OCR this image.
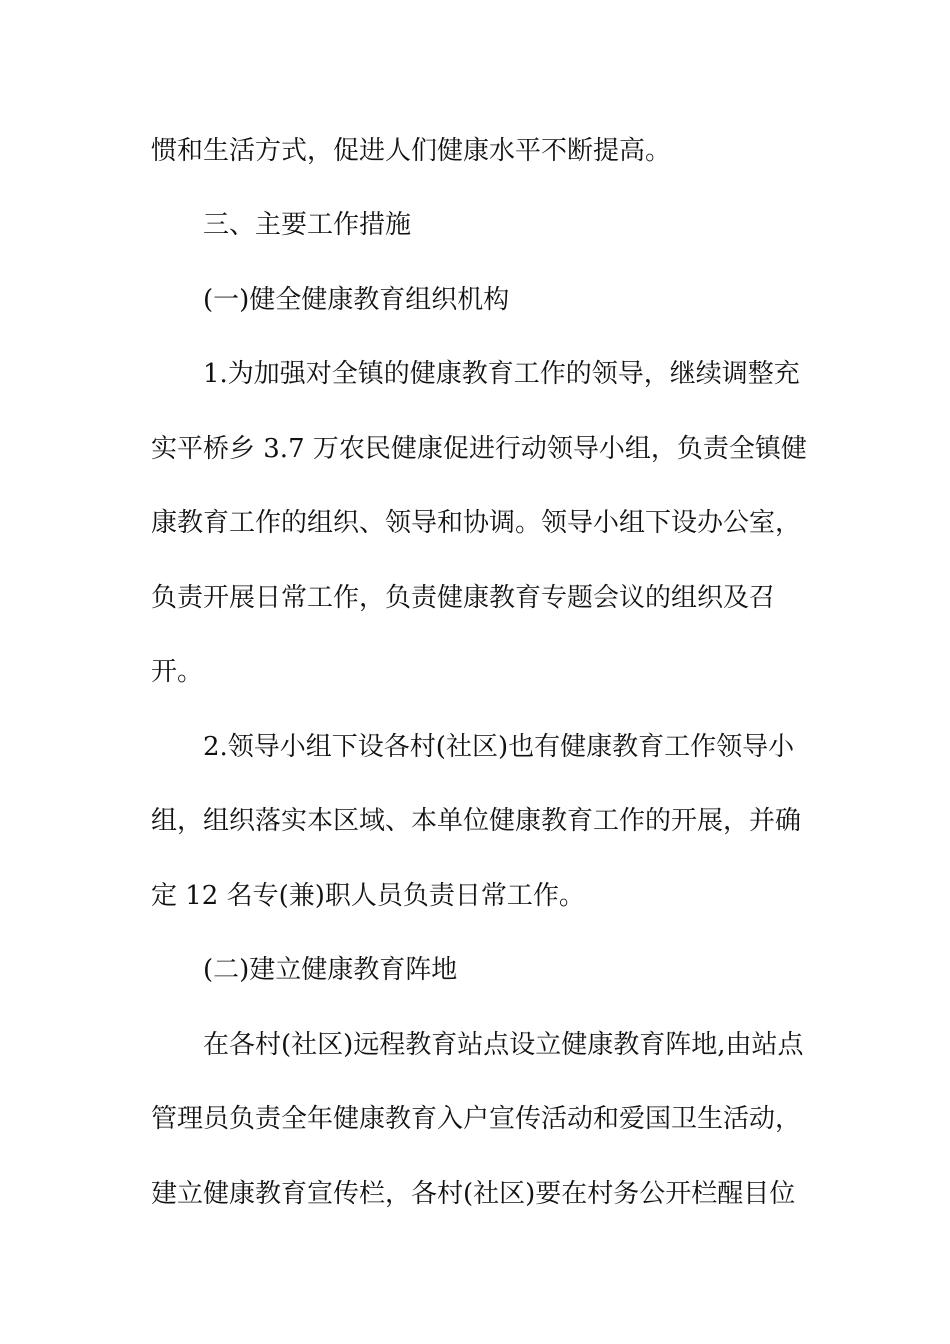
惯和生活方式，促进人们健康水平不断提高。
三、主要工作措施
(一)健全健康教育组织机构
1.为加强对全镇的健康教育工作的领导，继续调整充
实平桥乡 3.7 万农民健康促进行动领导小组，负责全镇健
康教育工作的组织、领导和协调。领导小组下设办公室，
负责开展日常工作，负责健康教育专题会议的组织及召
开。
2.领导小组下设各村(社区)也有健康教育工作领导小
组，组织落实本区域、本单位健康教育工作的开展，并确
定 12 名专(兼)职人员负责日常工作。
(二)建立健康教育阵地
在各村(社区)远程教育站点设立健康教育阵地,由站点
管理员负责全年健康教育入户宣传活动和爱国卫生活动，
建立健康教育宣传栏，各村(社区)要在村务公开栏醒目位
